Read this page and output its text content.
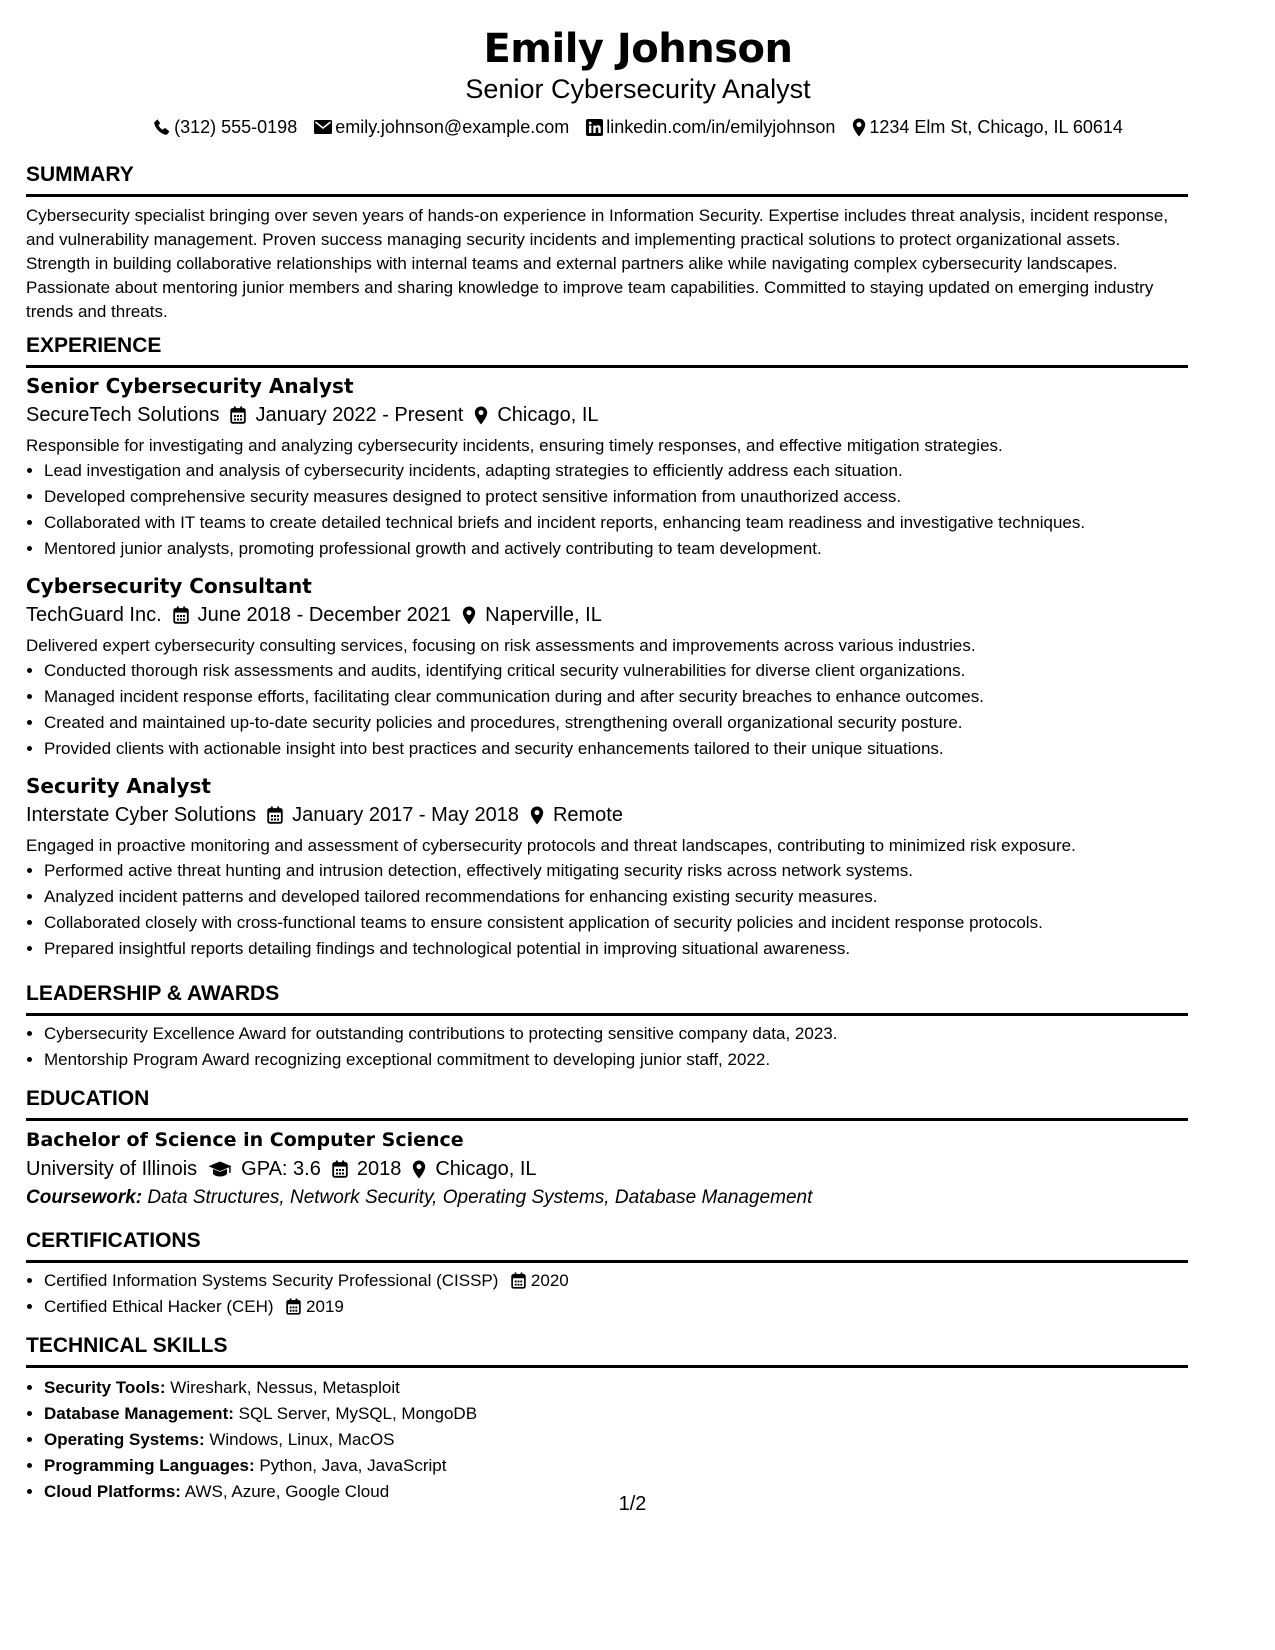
Emily Johnson
Senior Cybersecurity Analyst
(312) 555-0198 emily.johnson@example.com linkedin.com/in/emilyjohnson 1234 Elm St, Chicago, IL 60614
SUMMARY
Cybersecurity specialist bringing over seven years of hands-on experience in Information Security. Expertise includes threat analysis, incident response, and vulnerability management. Proven success managing security incidents and implementing practical solutions to protect organizational assets. Strength in building collaborative relationships with internal teams and external partners alike while navigating complex cybersecurity landscapes. Passionate about mentoring junior members and sharing knowledge to improve team capabilities. Committed to staying updated on emerging industry trends and threats.
EXPERIENCE
Senior Cybersecurity Analyst
SecureTech Solutions January 2022 - Present Chicago, IL
Responsible for investigating and analyzing cybersecurity incidents, ensuring timely responses, and effective mitigation strategies.
• Lead investigation and analysis of cybersecurity incidents, adapting strategies to efficiently address each situation.
• Developed comprehensive security measures designed to protect sensitive information from unauthorized access.
• Collaborated with IT teams to create detailed technical briefs and incident reports, enhancing team readiness and investigative techniques.
• Mentored junior analysts, promoting professional growth and actively contributing to team development.
Cybersecurity Consultant
TechGuard Inc. June 2018 - December 2021 Naperville, IL
Delivered expert cybersecurity consulting services, focusing on risk assessments and improvements across various industries.
• Conducted thorough risk assessments and audits, identifying critical security vulnerabilities for diverse client organizations.
• Managed incident response efforts, facilitating clear communication during and after security breaches to enhance outcomes.
• Created and maintained up-to-date security policies and procedures, strengthening overall organizational security posture.
• Provided clients with actionable insight into best practices and security enhancements tailored to their unique situations.
Security Analyst
Interstate Cyber Solutions January 2017 - May 2018 Remote
Engaged in proactive monitoring and assessment of cybersecurity protocols and threat landscapes, contributing to minimized risk exposure.
• Performed active threat hunting and intrusion detection, effectively mitigating security risks across network systems.
• Analyzed incident patterns and developed tailored recommendations for enhancing existing security measures.
• Collaborated closely with cross-functional teams to ensure consistent application of security policies and incident response protocols.
• Prepared insightful reports detailing findings and technological potential in improving situational awareness.
LEADERSHIP & AWARDS
• Cybersecurity Excellence Award for outstanding contributions to protecting sensitive company data, 2023.
• Mentorship Program Award recognizing exceptional commitment to developing junior staff, 2022.
EDUCATION
Bachelor of Science in Computer Science
University of Illinois GPA: 3.6 2018 Chicago, IL
Coursework: Data Structures, Network Security, Operating Systems, Database Management
CERTIFICATIONS
• Certified Information Systems Security Professional (CISSP) 2020
• Certified Ethical Hacker (CEH) 2019
TECHNICAL SKILLS
• Security Tools: Wireshark, Nessus, Metasploit
• Database Management: SQL Server, MySQL, MongoDB
• Operating Systems: Windows, Linux, MacOS
• Programming Languages: Python, Java, JavaScript
• Cloud Platforms: AWS, Azure, Google Cloud
1/2
